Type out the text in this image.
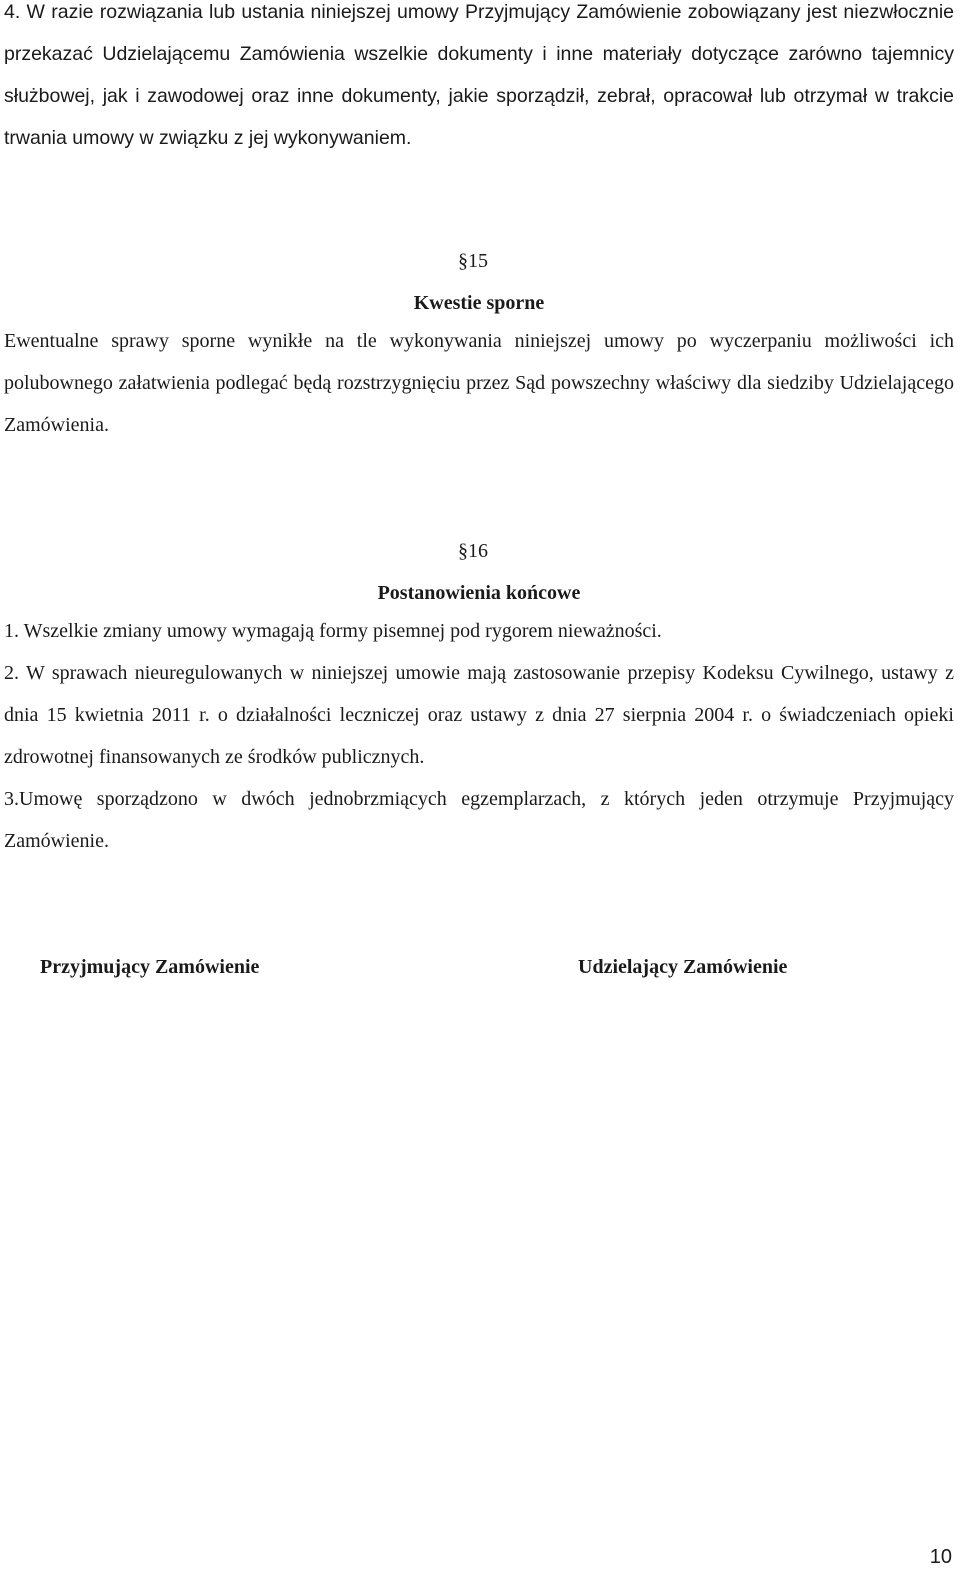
4. W razie rozwiązania lub ustania niniejszej umowy Przyjmujący Zamówienie zobowiązany jest niezwłocznie przekazać Udzielającemu Zamówienia wszelkie dokumenty i inne materiały dotyczące zarówno tajemnicy służbowej, jak i zawodowej oraz inne dokumenty, jakie sporządził, zebrał, opracował lub otrzymał w trakcie trwania umowy w związku z jej wykonywaniem.

§15

Kwestie sporne

Ewentualne sprawy sporne wynikłe na tle wykonywania niniejszej umowy po wyczerpaniu możliwości ich polubownego załatwienia podlegać będą rozstrzygnięciu przez Sąd powszechny właściwy dla siedziby Udzielającego Zamówienia.

§16

Postanowienia końcowe

1. Wszelkie zmiany umowy wymagają formy pisemnej pod rygorem nieważności.

2. W sprawach nieuregulowanych w niniejszej umowie mają zastosowanie przepisy Kodeksu Cywilnego, ustawy z dnia 15 kwietnia 2011 r. o działalności leczniczej oraz ustawy z dnia 27 sierpnia 2004 r. o świadczeniach opieki zdrowotnej finansowanych ze środków publicznych.

3.Umowę sporządzono w dwóch jednobrzmiących egzemplarzach, z których jeden otrzymuje Przyjmujący Zamówienie.

Przyjmujący Zamówienie	Udzielający Zamówienie

10
